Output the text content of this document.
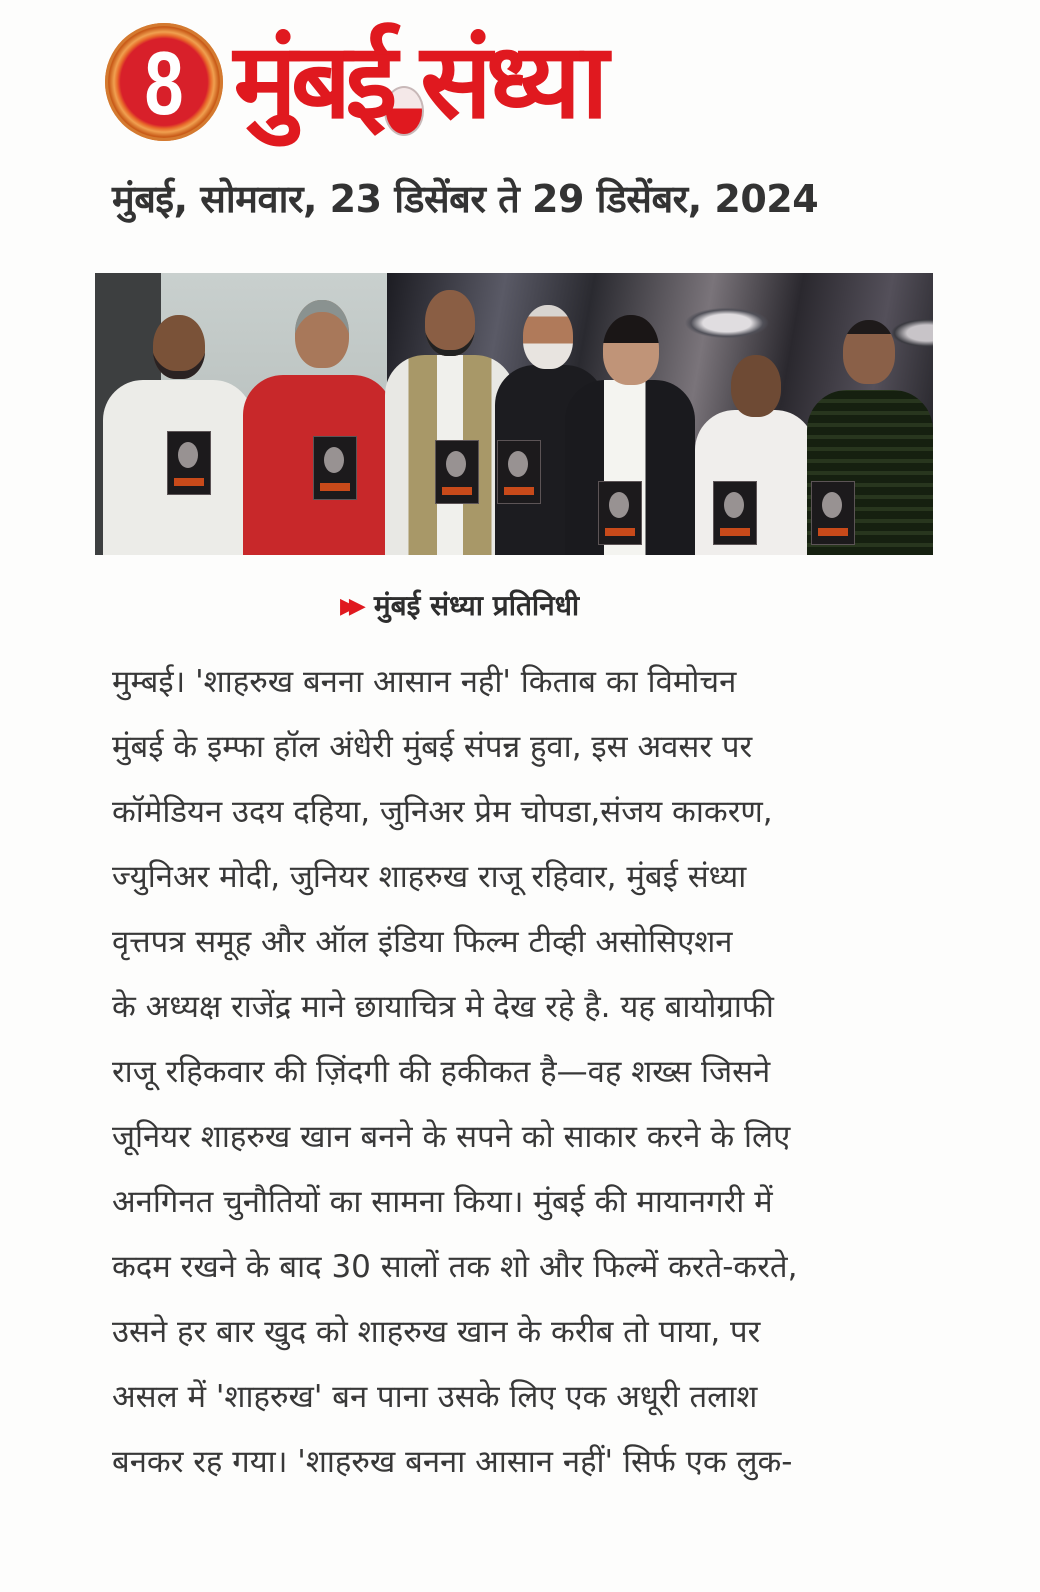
8 मुंबई संध्या
मुंबई, सोमवार, 23 डिसेंबर ते 29 डिसेंबर, 2024
▶▶ मुंबई संध्या प्रतिनिधी
मुम्बई। 'शाहरुख बनना आसान नही' किताब का विमोचन
मुंबई के इम्फा हॉल अंधेरी मुंबई संपन्न हुवा, इस अवसर पर
कॉमेडियन उदय दहिया, जुनिअर प्रेम चोपडा,संजय काकरण,
ज्युनिअर मोदी, जुनियर शाहरुख राजू रहिवार, मुंबई संध्या
वृत्तपत्र समूह और ऑल इंडिया फिल्म टीव्ही असोसिएशन
के अध्यक्ष राजेंद्र माने छायाचित्र मे देख रहे है. यह बायोग्राफी
राजू रहिकवार की ज़िंदगी की हकीकत है—वह शख्स जिसने
जूनियर शाहरुख खान बनने के सपने को साकार करने के लिए
अनगिनत चुनौतियों का सामना किया। मुंबई की मायानगरी में
कदम रखने के बाद 30 सालों तक शो और फिल्में करते-करते,
उसने हर बार खुद को शाहरुख खान के करीब तो पाया, पर
असल में 'शाहरुख' बन पाना उसके लिए एक अधूरी तलाश
बनकर रह गया। 'शाहरुख बनना आसान नहीं' सिर्फ एक लुक-
